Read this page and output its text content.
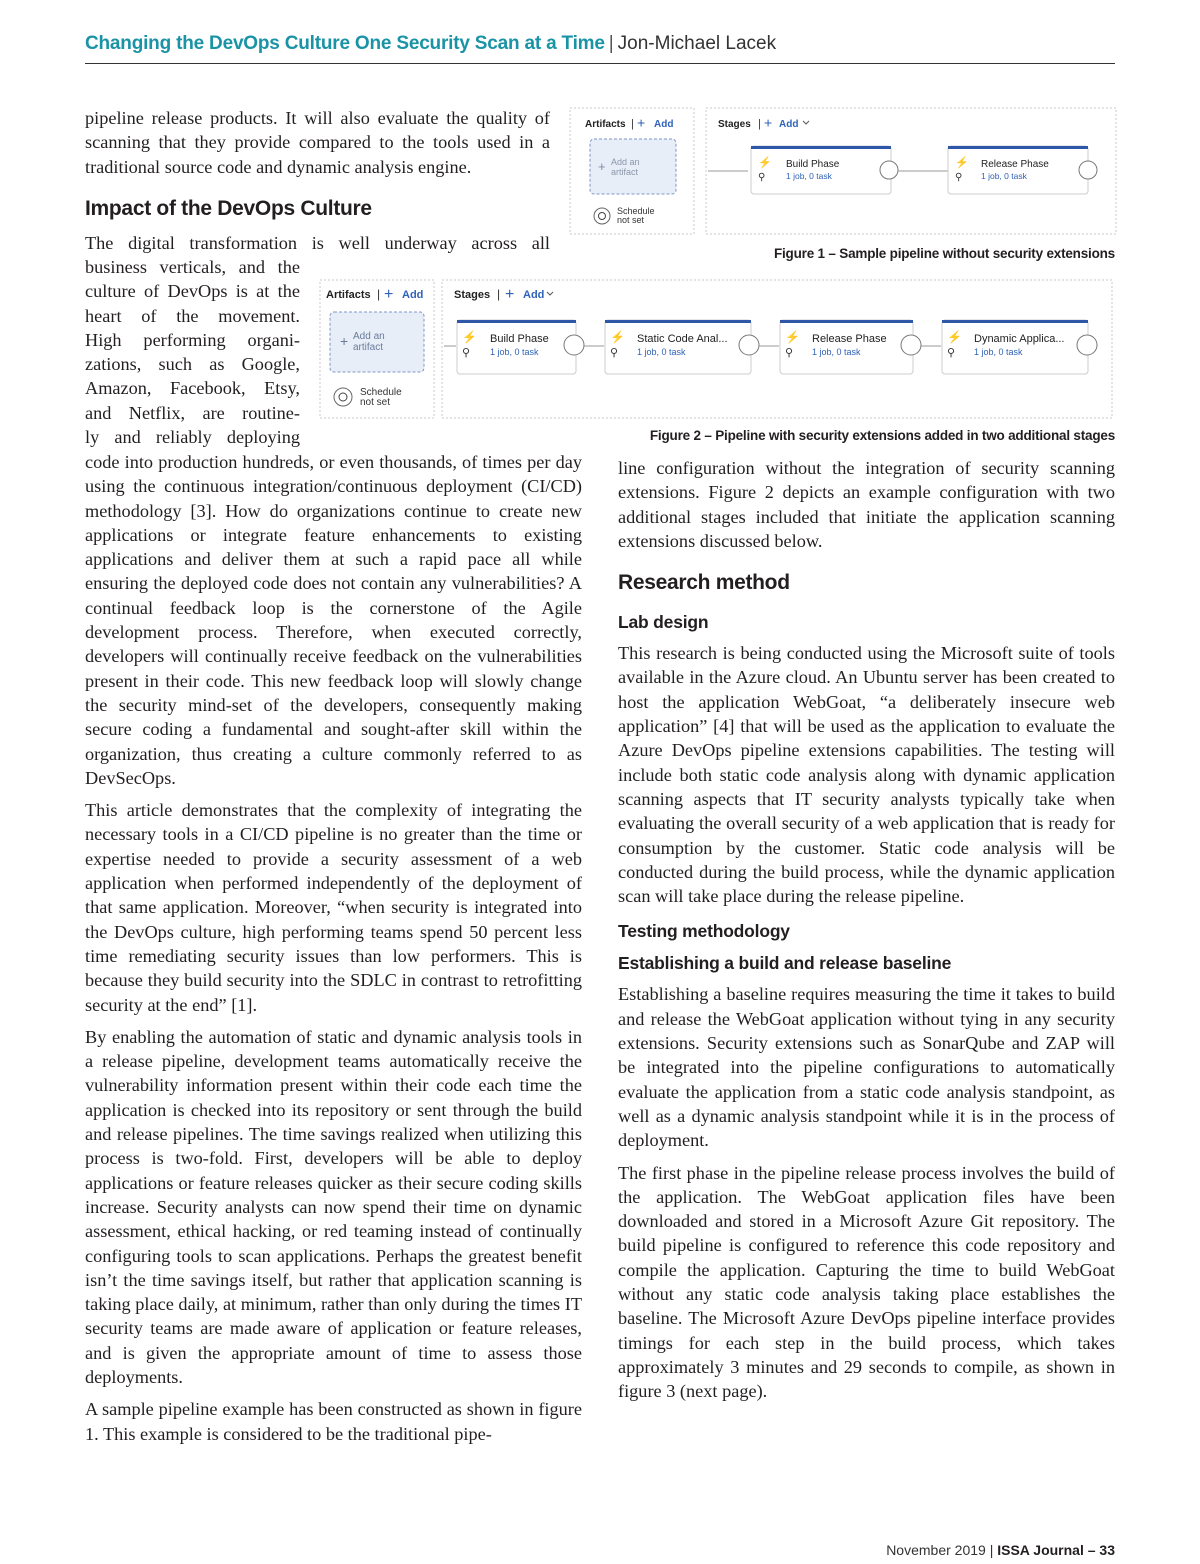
Changing the DevOps Culture One Security Scan at a Time | Jon-Michael Lacek

pipeline release products. It will also evaluate the quality of scanning that they provide compared to the tools used in a traditional source code and dynamic analysis engine.

Impact of the DevOps Culture
The digital transformation is well underway across all
business verticals, and the
culture of DevOps is at the
heart of the movement.
High performing organi-
zations, such as Google,
Amazon, Facebook, Etsy,
and Netflix, are routine-
ly and reliably deploying

code into production hundreds, or even thousands, of times per day using the continuous integration/continuous deployment (CI/CD) methodology [3]. How do organizations continue to create new applications or integrate feature enhancements to existing applications and deliver them at such a rapid pace all while ensuring the deployed code does not contain any vulnerabilities? A continual feedback loop is the cornerstone of the Agile development process. Therefore, when executed correctly, developers will continually receive feedback on the vulnerabilities present in their code. This new feedback loop will slowly change the security mind-set of the developers, consequently making secure coding a fundamental and sought-after skill within the organization, thus creating a culture commonly referred to as DevSecOps.

This article demonstrates that the complexity of integrating the necessary tools in a CI/CD pipeline is no greater than the time or expertise needed to provide a security assessment of a web application when performed independently of the deployment of that same application. Moreover, “when security is integrated into the DevOps culture, high performing teams spend 50 percent less time remediating security issues than low performers. This is because they build security into the SDLC in contrast to retrofitting security at the end” [1].

By enabling the automation of static and dynamic analysis tools in a release pipeline, development teams automatically receive the vulnerability information present within their code each time the application is checked into its repository or sent through the build and release pipelines. The time savings realized when utilizing this process is two-fold. First, developers will be able to deploy applications or feature releases quicker as their secure coding skills increase. Security analysts can now spend their time on dynamic assessment, ethical hacking, or red teaming instead of continually configuring tools to scan applications. Perhaps the greatest benefit isn’t the time savings itself, but rather that application scanning is taking place daily, at minimum, rather than only during the times IT security teams are made aware of application or feature releases, and is given the appropriate amount of time to assess those deployments.

A sample pipeline example has been constructed as shown in figure 1. This example is considered to be the traditional pipe-

Artifacts | + Add
+ Add an
artifact
Schedule
not set
Stages | + Add
⚡
⚲
Build Phase
1 job, 0 task
⚡
⚲
Release Phase
1 job, 0 task
Figure 1 – Sample pipeline without security extensions
Artifacts | + Add
+ Add an
artifact
Schedule
not set
Stages | + Add
⚡
⚲
Build Phase
1 job, 0 task
⚡
⚲
Static Code Anal...
1 job, 0 task
⚡
⚲
Release Phase
1 job, 0 task
⚡
⚲
Dynamic Applica...
1 job, 0 task
Figure 2 – Pipeline with security extensions added in two additional stages

line configuration without the integration of security scanning extensions. Figure 2 depicts an example configuration with two additional stages included that initiate the application scanning extensions discussed below.

Research method
Lab design

This research is being conducted using the Microsoft suite of tools available in the Azure cloud. An Ubuntu server has been created to host the application WebGoat, “a deliberately insecure web application” [4] that will be used as the application to evaluate the Azure DevOps pipeline extensions capabilities. The testing will include both static code analysis along with dynamic application scanning aspects that IT security analysts typically take when evaluating the overall security of a web application that is ready for consumption by the customer. Static code analysis will be conducted during the build process, while the dynamic application scan will take place during the release pipeline.

Testing methodology
Establishing a build and release baseline

Establishing a baseline requires measuring the time it takes to build and release the WebGoat application without tying in any security extensions. Security extensions such as SonarQube and ZAP will be integrated into the pipeline configurations to automatically evaluate the application from a static code analysis standpoint, as well as a dynamic analysis standpoint while it is in the process of deployment.

The first phase in the pipeline release process involves the build of the application. The WebGoat application files have been downloaded and stored in a Microsoft Azure Git repository. The build pipeline is configured to reference this code repository and compile the application. Capturing the time to build WebGoat without any static code analysis taking place establishes the baseline. The Microsoft Azure DevOps pipeline interface provides timings for each step in the build process, which takes approximately 3 minutes and 29 seconds to compile, as shown in figure 3 (next page).

November 2019 | ISSA Journal – 33
